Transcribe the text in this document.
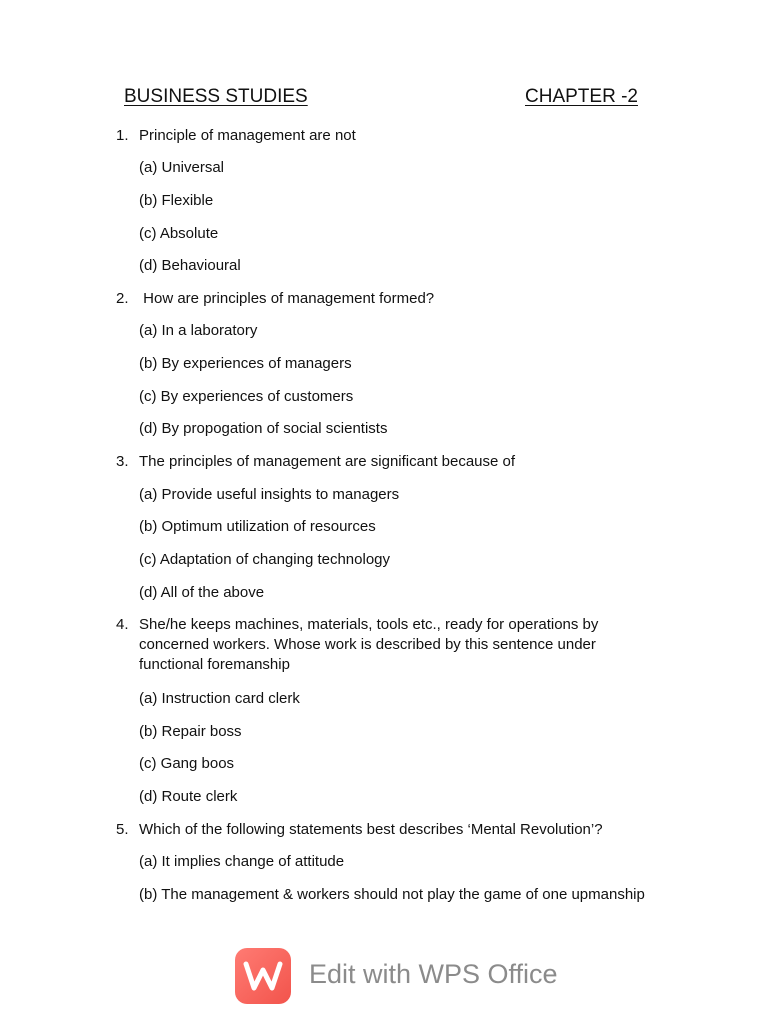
BUSINESS STUDIES	CHAPTER -2
1. Principle of management are not
(a) Universal
(b) Flexible
(c) Absolute
(d) Behavioural
2. How are principles of management formed?
(a) In a laboratory
(b) By experiences of managers
(c) By experiences of customers
(d) By propogation of social scientists
3. The principles of management are significant because of
(a) Provide useful insights to managers
(b) Optimum utilization of resources
(c) Adaptation of changing technology
(d) All of the above
4. She/he keeps machines, materials, tools etc., ready for operations by concerned workers. Whose work is described by this sentence under functional foremanship
(a) Instruction card clerk
(b) Repair boss
(c) Gang boos
(d) Route clerk
5. Which of the following statements best describes ‘Mental Revolution’?
(a) It implies change of attitude
(b) The management & workers should not play the game of one upmanship
Edit with WPS Office
